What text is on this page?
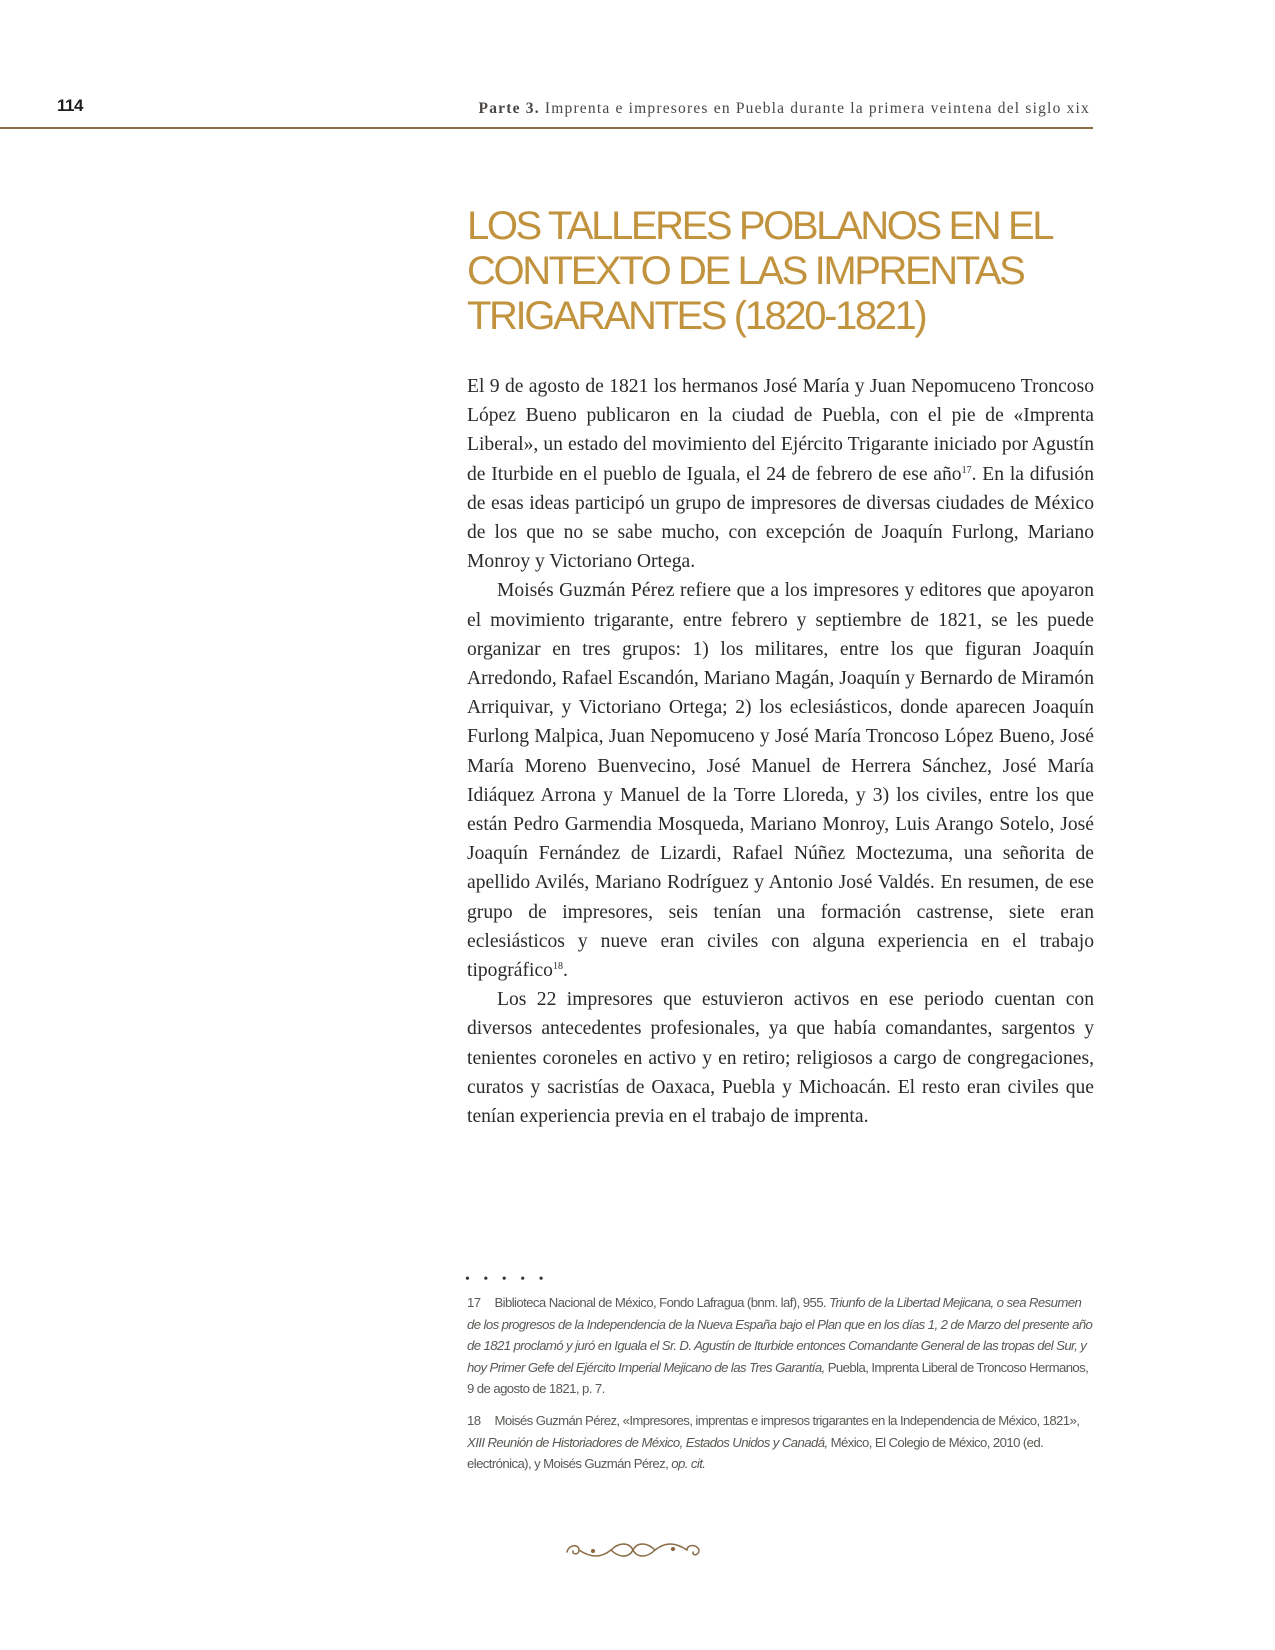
114	Parte 3. Imprenta e impresores en Puebla durante la primera veintena del siglo xix
LOS TALLERES POBLANOS EN EL CONTEXTO DE LAS IMPRENTAS TRIGARANTES (1820-1821)

El 9 de agosto de 1821 los hermanos José María y Juan Nepomuceno Troncoso López Bueno publicaron en la ciudad de Puebla, con el pie de «Imprenta Liberal», un estado del movimiento del Ejército Trigarante iniciado por Agustín de Iturbide en el pueblo de Iguala, el 24 de febrero de ese año$^{17}$. En la difusión de esas ideas participó un grupo de impresores de diversas ciudades de México de los que no se sabe mucho, con excepción de Joaquín Furlong, Mariano Monroy y Victoriano Ortega.

Moisés Guzmán Pérez refiere que a los impresores y editores que apoyaron el movimiento trigarante, entre febrero y septiembre de 1821, se les puede organizar en tres grupos: 1) los militares, entre los que figuran Joaquín Arredondo, Rafael Escandón, Mariano Magán, Joaquín y Bernardo de Miramón Arriquivar, y Victoriano Ortega; 2) los eclesiásticos, donde aparecen Joaquín Furlong Malpica, Juan Nepomuceno y José María Troncoso López Bueno, José María Moreno Buenvecino, José Manuel de Herrera Sánchez, José María Idiáquez Arrona y Manuel de la Torre Lloreda, y 3) los civiles, entre los que están Pedro Garmendia Mosqueda, Mariano Monroy, Luis Arango Sotelo, José Joaquín Fernández de Lizardi, Rafael Núñez Moctezuma, una señorita de apellido Avilés, Mariano Rodríguez y Antonio José Valdés. En resumen, de ese grupo de impresores, seis tenían una formación castrense, siete eran eclesiásticos y nueve eran civiles con alguna experiencia en el trabajo tipográfico$^{18}$.

Los 22 impresores que estuvieron activos en ese periodo cuentan con diversos antecedentes profesionales, ya que había comandantes, sargentos y tenientes coroneles en activo y en retiro; religiosos a cargo de congregaciones, curatos y sacristías de Oaxaca, Puebla y Michoacán. El resto eran civiles que tenían experiencia previa en el trabajo de imprenta.

• • • • •

17 Biblioteca Nacional de México, Fondo Lafragua (bnm. laf), 955. Triunfo de la Libertad Mejicana, o sea Resumen de los progresos de la Independencia de la Nueva España bajo el Plan que en los días 1, 2 de Marzo del presente año de 1821 proclamó y juró en Iguala el Sr. D. Agustín de Iturbide entonces Comandante General de las tropas del Sur, y hoy Primer Gefe del Ejército Imperial Mejicano de las Tres Garantía, Puebla, Imprenta Liberal de Troncoso Hermanos, 9 de agosto de 1821, p. 7.

18 Moisés Guzmán Pérez, «Impresores, imprentas e impresos trigarantes en la Independencia de México, 1821», XIII Reunión de Historiadores de México, Estados Unidos y Canadá, México, El Colegio de México, 2010 (ed. electrónica), y Moisés Guzmán Pérez, op. cit.
